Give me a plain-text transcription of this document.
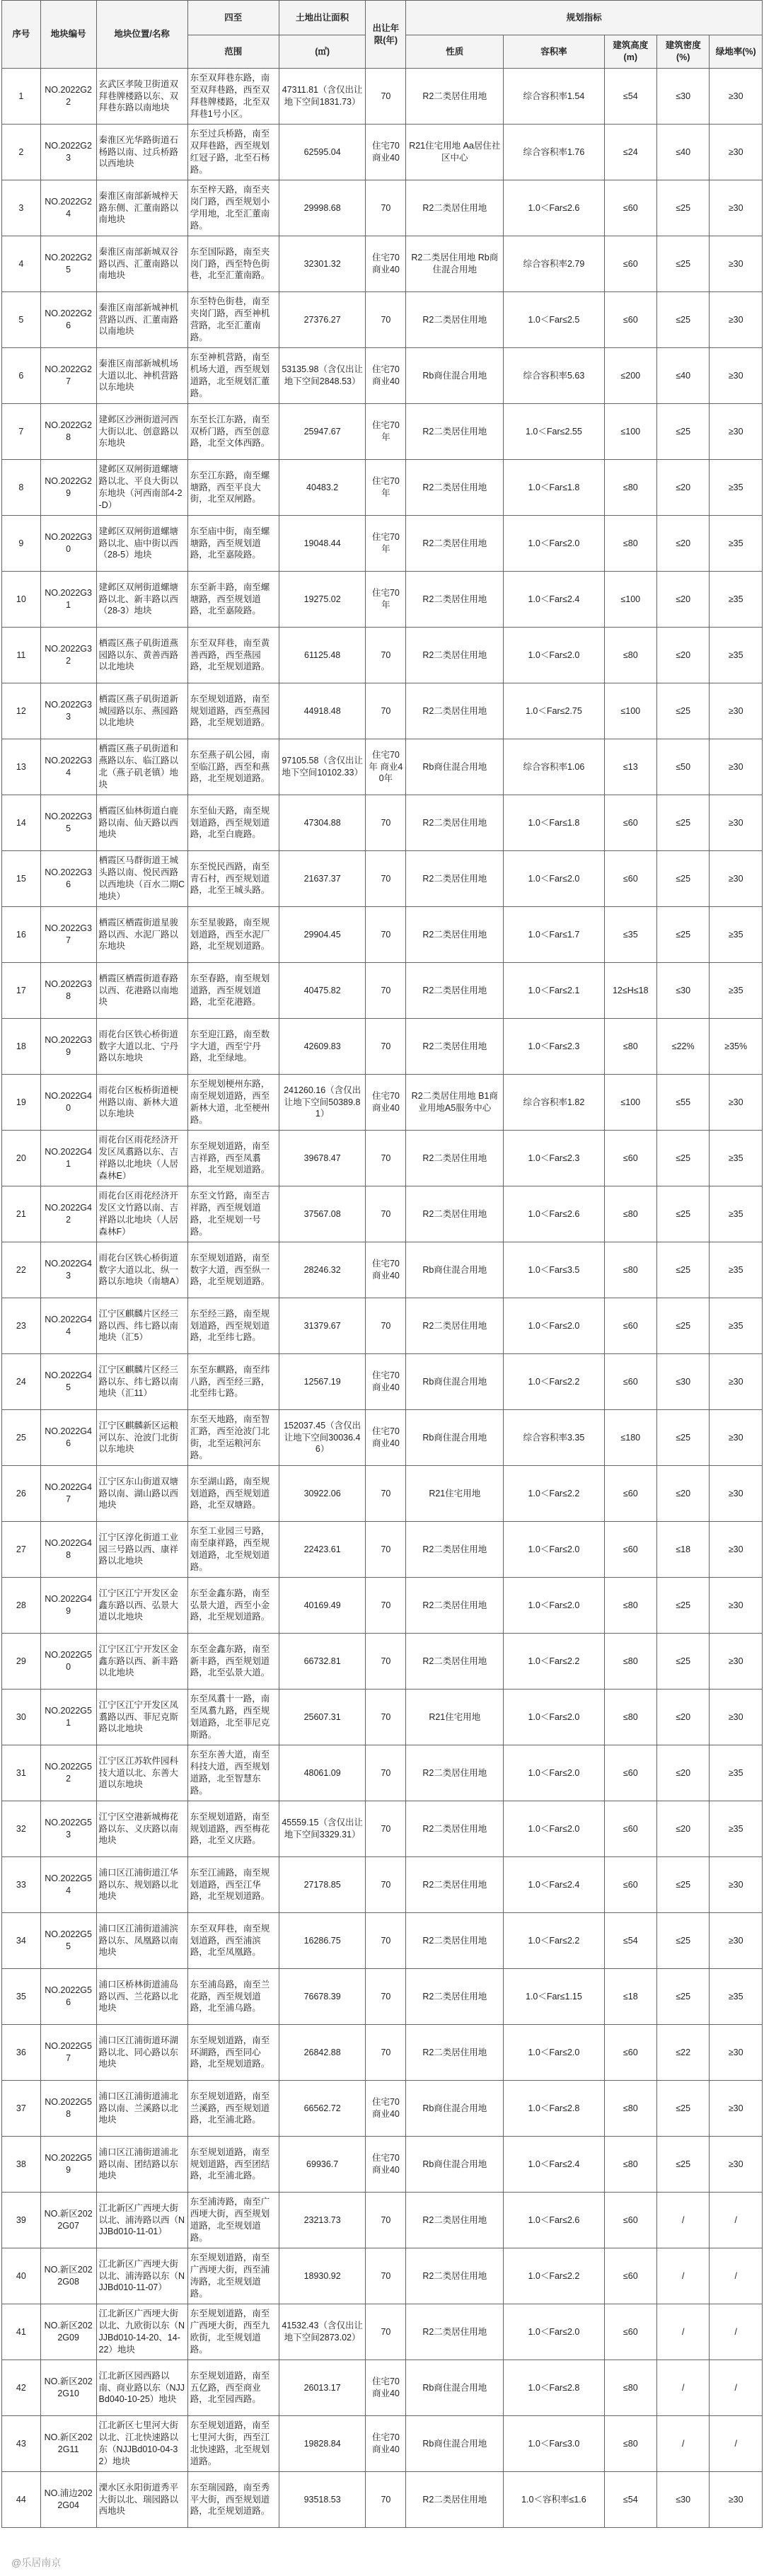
序号	地块编号	地块位置/名称	四至	土地出让面积	出让年限(年)	规划指标				
			范围	(㎡)		性质	容积率	建筑高度(m)	建筑密度(%)	绿地率(%)
1	NO.2022G22	玄武区孝陵卫街道双拜巷牌楼路以东、双拜巷东路以南地块	东至双拜巷东路，南至双拜巷路，西至双拜巷牌楼路，北至双拜巷1号小区。	47311.81（含仅出让地下空间1831.73）	70	R2二类居住用地	综合容积率1.54	≤54	≤30	≥30
2	NO.2022G23	秦淮区光华路街道石杨路以南、过兵桥路以西地块	东至过兵桥路，南至双拜巷路，西至规划红冠子路，北至石杨路。	62595.04	住宅70 商业40	R21住宅用地 Aa居住社区中心	综合容积率1.76	≤24	≤40	≥30
3	NO.2022G24	秦淮区南部新城梓天路东侧、汇董南路以南地块	东至梓天路，南至夹岗门路，西至规划小学用地，北至汇董南路。	29998.68	70	R2二类居住用地	1.0＜Far≤2.6	≤60	≤25	≥30
4	NO.2022G25	秦淮区南部新城双谷路以西、汇董南路以南地块	东至国际路，南至夹岗门路，西至特色街巷，北至汇董南路。	32301.32	住宅70 商业40	R2二类居住用地 Rb商住混合用地	综合容积率2.79	≤60	≤25	≥30
5	NO.2022G26	秦淮区南部新城神机营路以西、汇董南路以南地块	东至特色街巷，南至夹岗门路，西至神机营路，北至汇董南路。	27376.27	70	R2二类居住用地	1.0＜Far≤2.5	≤60	≤25	≥30
6	NO.2022G27	秦淮区南部新城机场大道以北、神机营路以东地块	东至神机营路，南至机场大道，西至规划道路，北至规划汇董路。	53135.98（含仅出让地下空间2848.53）	住宅70 商业40	Rb商住混合用地	综合容积率5.63	≤200	≤40	≥30
7	NO.2022G28	建邺区沙洲街道河西大街以北、创意路以东地块	东至长江东路，南至双桥门路，西至创意路，北至文体西路。	25947.67	住宅70年	R2二类居住用地	1.0＜Far≤2.55	≤100	≤25	≥30
8	NO.2022G29	建邺区双闸街道螺塘路以北、平良大街以东地块（河西南部4-2-D）	东至江东路，南至螺塘路，西至平良大街，北至双闸路。	40483.2	住宅70年	R2二类居住用地	1.0＜Far≤1.8	≤80	≤20	≥35
9	NO.2022G30	建邺区双闸街道螺塘路以北、庙中街以西（28-5）地块	东至庙中街，南至螺塘路，西至规划道路，北至嘉陵路。	19048.44	住宅70年	R2二类居住用地	1.0＜Far≤2.0	≤80	≤20	≥35
10	NO.2022G31	建邺区双闸街道螺塘路以北、新丰路以西（28-3）地块	东至新丰路，南至螺塘路，西至规划道路，北至嘉陵路。	19275.02	住宅70年	R2二类居住用地	1.0＜Far≤2.4	≤100	≤20	≥35
11	NO.2022G32	栖霞区燕子矶街道燕园路以东、黄善西路以北地块	东至双拜巷，南至黄善西路，西至燕园路，北至规划道路。	61125.48	70	R2二类居住用地	1.0＜Far≤2.0	≤80	≤20	≥35
12	NO.2022G33	栖霞区燕子矶街道新城园路以东、燕园路以北地块	东至规划道路，南至规划道路，西至燕园路，北至规划道路。	44918.48	70	R2二类居住用地	1.0＜Far≤2.75	≤100	≤25	≥30
13	NO.2022G34	栖霞区燕子矶街道和燕路以东、临江路以北（燕子矶老镇）地块	东至燕子矶公园，南至临江路，西至和燕路，北至规划道路。	97105.58（含仅出让地下空间10102.33）	住宅70年 商业40年	Rb商住混合用地	综合容积率1.06	≤13	≤50	≥30
14	NO.2022G35	栖霞区仙林街道白鹿路以南、仙天路以西地块	东至仙天路，南至规划道路，西至规划道路，北至白鹿路。	47304.88	70	R2二类居住用地	1.0＜Far≤1.8	≤60	≤25	≥30
15	NO.2022G36	栖霞区马群街道王城头路以南、悦民西路以西地块（百水二期C地块）	东至悦民西路，南至青石村，西至规划道路，北至王城头路。	21637.37	70	R2二类居住用地	1.0＜Far≤2.0	≤60	≤25	≥30
16	NO.2022G37	栖霞区栖霞街道星骏路以西、水泥厂路以东地块	东至星骏路，南至规划道路，西至水泥厂路，北至规划道路。	29904.45	70	R2二类居住用地	1.0＜Far≤1.7	≤35	≤25	≥35
17	NO.2022G38	栖霞区栖霞街道春路以西、花港路以南地块	东至春路，南至规划道路，西至规划道路，北至花港路。	40475.82	70	R2二类居住用地	1.0＜Far≤2.1	12≤H≤18	≤30	≥35
18	NO.2022G39	雨花台区铁心桥街道数字大道以北、宁丹路以东地块	东至迎江路，南至数字大道，西至宁丹路，北至绿地。	42609.83	70	R2二类居住用地	1.0＜Far≤2.3	≤80	≤22%	≥35%
19	NO.2022G40	雨花台区板桥街道梗州路以南、新林大道以东地块	东至规划梗州东路，南至规划道路，西至新林大道，北至梗州路。	241260.16（含仅出让地下空间50389.81）	住宅70 商业40	R2二类居住用地 B1商业用地A5服务中心	综合容积率1.82	≤100	≤55	≥30
20	NO.2022G41	雨花台区雨花经济开发区凤翥路以东、吉祥路以北地块（人居森林E）	东至规划道路，南至吉祥路，西至凤翥路，北至规划道路。	39678.47	70	R2二类居住用地	1.0＜Far≤2.3	≤60	≤25	≥35
21	NO.2022G42	雨花台区雨花经济开发区文竹路以南、吉祥路以北地块（人居森林F）	东至文竹路，南至吉祥路，西至规划道路，北至规划一号路。	37567.08	70	R2二类居住用地	1.0＜Far≤2.6	≤80	≤25	≥35
22	NO.2022G43	雨花台区铁心桥街道数字大道以北、纵一路以东地块（南塘A）	东至规划道路，南至数字大道，西至纵一路，北至规划道路。	28246.32	住宅70 商业40	Rb商住混合用地	1.0＜Far≤3.5	≤80	≤25	≥35
23	NO.2022G44	江宁区麒麟片区经三路以西、纬七路以南地块（汇5）	东至经三路，南至规划道路，西至规划道路，北至纬七路。	31379.67	70	R2二类居住用地	1.0＜Far≤2.0	≤60	≤25	≥35
24	NO.2022G45	江宁区麒麟片区经三路以东、纬七路以南地块（汇11）	东至东麒路，南至纬八路，西至经三路，北至纬七路。	12567.19	住宅70 商业40	Rb商住混合用地	1.0＜Far≤2.2	≤60	≤30	≥30
25	NO.2022G46	江宁区麒麟新区运粮河以东、沧波门北街以东地块	东至天地路，南至智汇路，西至沧波门北街，北至运粮河东路。	152037.45（含仅出让地下空间30036.46）	住宅70 商业40	Rb商住混合用地	综合容积率3.35	≤180	≤25	≥30
26	NO.2022G47	江宁区东山街道双塘路以南、湖山路以西地块	东至湖山路，南至规划道路，西至规划道路，北至双塘路。	30922.06	70	R21住宅用地	1.0＜Far≤2.2	≤60	≤20	≥30
27	NO.2022G48	江宁区淳化街道工业园三号路以西、康祥路以北地块	东至工业园三号路，南至康祥路，西至规划道路，北至规划道路。	22423.61	70	R2二类居住用地	1.0＜Far≤2.0	≤60	≤18	≥30
28	NO.2022G49	江宁区江宁开发区金鑫东路以西、弘景大道以北地块	东至金鑫东路，南至弘景大道，西至小金路，北至规划道路。	40169.49	70	R2二类居住用地	1.0＜Far≤2.0	≤80	≤25	≥30
29	NO.2022G50	江宁区江宁开发区金鑫东路以西、新丰路以北地块	东至金鑫东路，南至新丰路，西至规划道路，北至弘景大道。	66732.81	70	R2二类居住用地	1.0＜Far≤2.2	≤80	≤25	≥30
30	NO.2022G51	江宁区江宁开发区凤翥路以西、菲尼克斯路以北地块	东至凤翥十一路，南至凤翥九路，西至规划道路，北至菲尼克斯路。	25607.31	70	R21住宅用地	1.0＜Far≤2.0	≤80	≤20	≥30
31	NO.2022G52	江宁区江苏软件园科技大道以北、东善大道以东地块	东至东善大道，南至科技大道，西至规划道路，北至智慧东路。	48061.09	70	R2二类居住用地	1.0＜Far≤2.0	≤60	≤20	≥35
32	NO.2022G53	江宁区空港新城梅花路以东、义庆路以南地块	东至规划道路，南至规划道路，西至梅花路，北至义庆路。	45559.15（含仅出让地下空间3329.31）	70	R2二类居住用地	1.0＜Far≤2.0	≤60	≤20	≥35
33	NO.2022G54	浦口区江浦街道江华路以东、规划路以北地块	东至江浦路，南至规划道路，西至江华路，北至规划道路。	27178.85	70	R2二类居住用地	1.0＜Far≤2.4	≤60	≤25	≥30
34	NO.2022G55	浦口区江浦街道浦滨路以东、凤凰路以南地块	东至双拜巷，南至规划道路，西至浦滨路，北至凤凰路。	16286.75	70	R2二类居住用地	1.0＜Far≤2.2	≤54	≤25	≥30
35	NO.2022G56	浦口区桥林街道浦岛路以西、兰花路以北地块	东至浦岛路，南至兰花路，西至规划道路，北至浦乌路。	76678.39	70	R2二类居住用地	1.0＜Far≤1.15	≤18	≤25	≥35
36	NO.2022G57	浦口区江浦街道环湖路以北、同心路以东地块	东至规划道路，南至环湖路，西至同心路，北至规划道路。	26842.88	70	R2二类居住用地	1.0＜Far≤2.0	≤60	≤22	≥30
37	NO.2022G58	浦口区江浦街道浦北路以南、兰溪路以北地块	东至规划道路，南至兰溪路，西至规划道路，北至浦北路。	66562.72	住宅70 商业40	Rb商住混合用地	1.0＜Far≤2.8	≤80	≤25	≥30
38	NO.2022G59	浦口区江浦街道浦北路以南、团结路以东地块	东至规划道路，南至规划道路，西至团结路，北至浦北路。	69936.7	住宅70 商业40	Rb商住混合用地	1.0＜Far≤2.4	≤80	≤25	≥30
39	NO.新区2022G07	江北新区广西埂大街以北、浦涛路以西（NJJBd010-11-01）	东至浦涛路，南至广西埂大街，西至规划道路，北至规划道路。	23213.73	70	R2二类居住用地	1.0＜Far≤2.6	≤60	/	/
40	NO.新区2022G08	江北新区广西埂大街以北、浦涛路以东（NJJBd010-11-07）	东至规划道路，南至广西埂大街，西至浦涛路，北至规划道路。	18930.92	70	R2二类居住用地	1.0＜Far≤2.2	≤60	/	/
41	NO.新区2022G09	江北新区广西埂大街以北、九欧街以东（NJJBd010-14-20、14-22）地块	东至规划道路，南至广西埂大街，西至九欧街，北至规划道路。	41532.43（含仅出让地下空间2873.02）	70	R2二类居住用地	1.0＜Far≤2.0	≤60	/	/
42	NO.新区2022G10	江北新区园西路以南、商业路以东（NJJBd040-10-25）地块	东至规划道路，南至五亿路，西至商业路，北至园西路。	26013.17	住宅70 商业40	Rb商住混合用地	1.0＜Far≤2.8	≤80	/	/
43	NO.新区2022G11	江北新区七里河大街以北、江北快速路以东（NJJBd010-04-32）地块	东至规划道路，南至七里河大街，西至江北快速路，北至规划道路。	19828.84	住宅70 商业40	Rb商住混合用地	1.0＜Far≤3.0	≤80	/	/
44	NO.浦边2022G04	溧水区永阳街道秀平大街以北、瑞园路以西地块	东至瑞园路，南至秀平大街，西至规划道路，北至规划道路。	93518.53	70	R2二类居住用地	1.0＜容积率≤1.6	≤54	≤30	≥30
@乐居南京
